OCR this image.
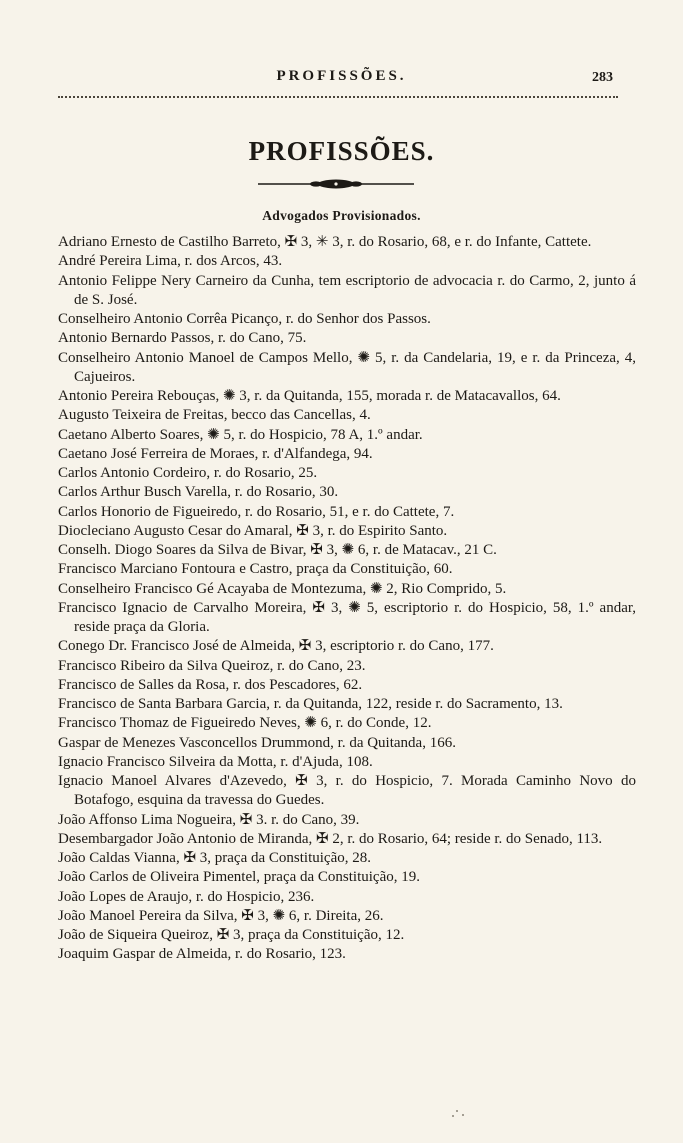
PROFISSÕES.	283
PROFISSÕES.
Advogados Provisionados.
Adriano Ernesto de Castilho Barreto, ✠ 3, ✳ 3, r. do Rosario, 68, e r. do Infante, Cattete.
André Pereira Lima, r. dos Arcos, 43.
Antonio Felippe Nery Carneiro da Cunha, tem escriptorio de advocacia r. do Carmo, 2, junto á de S. José.
Conselheiro Antonio Corrêa Picanço, r. do Senhor dos Passos.
Antonio Bernardo Passos, r. do Cano, 75.
Conselheiro Antonio Manoel de Campos Mello, ✺ 5, r. da Candelaria, 19, e r. da Princeza, 4, Cajueiros.
Antonio Pereira Rebouças, ✺ 3, r. da Quitanda, 155, morada r. de Matacavallos, 64.
Augusto Teixeira de Freitas, becco das Cancellas, 4.
Caetano Alberto Soares, ✺ 5, r. do Hospicio, 78 A, 1.º andar.
Caetano José Ferreira de Moraes, r. d'Alfandega, 94.
Carlos Antonio Cordeiro, r. do Rosario, 25.
Carlos Arthur Busch Varella, r. do Rosario, 30.
Carlos Honorio de Figueiredo, r. do Rosario, 51, e r. do Cattete, 7.
Diocleciano Augusto Cesar do Amaral, ✠ 3, r. do Espirito Santo.
Conselh. Diogo Soares da Silva de Bivar, ✠ 3, ✺ 6, r. de Matacav., 21 C.
Francisco Marciano Fontoura e Castro, praça da Constituição, 60.
Conselheiro Francisco Gé Acayaba de Montezuma, ✺ 2, Rio Comprido, 5.
Francisco Ignacio de Carvalho Moreira, ✠ 3, ✺ 5, escriptorio r. do Hospicio, 58, 1.º andar, reside praça da Gloria.
Conego Dr. Francisco José de Almeida, ✠ 3, escriptorio r. do Cano, 177.
Francisco Ribeiro da Silva Queiroz, r. do Cano, 23.
Francisco de Salles da Rosa, r. dos Pescadores, 62.
Francisco de Santa Barbara Garcia, r. da Quitanda, 122, reside r. do Sacramento, 13.
Francisco Thomaz de Figueiredo Neves, ✺ 6, r. do Conde, 12.
Gaspar de Menezes Vasconcellos Drummond, r. da Quitanda, 166.
Ignacio Francisco Silveira da Motta, r. d'Ajuda, 108.
Ignacio Manoel Alvares d'Azevedo, ✠ 3, r. do Hospicio, 7. Morada Caminho Novo do Botafogo, esquina da travessa do Guedes.
João Affonso Lima Nogueira, ✠ 3. r. do Cano, 39.
Desembargador João Antonio de Miranda, ✠ 2, r. do Rosario, 64; reside r. do Senado, 113.
João Caldas Vianna, ✠ 3, praça da Constituição, 28.
João Carlos de Oliveira Pimentel, praça da Constituição, 19.
João Lopes de Araujo, r. do Hospicio, 236.
João Manoel Pereira da Silva, ✠ 3, ✺ 6, r. Direita, 26.
João de Siqueira Queiroz, ✠ 3, praça da Constituição, 12.
Joaquim Gaspar de Almeida, r. do Rosario, 123.
